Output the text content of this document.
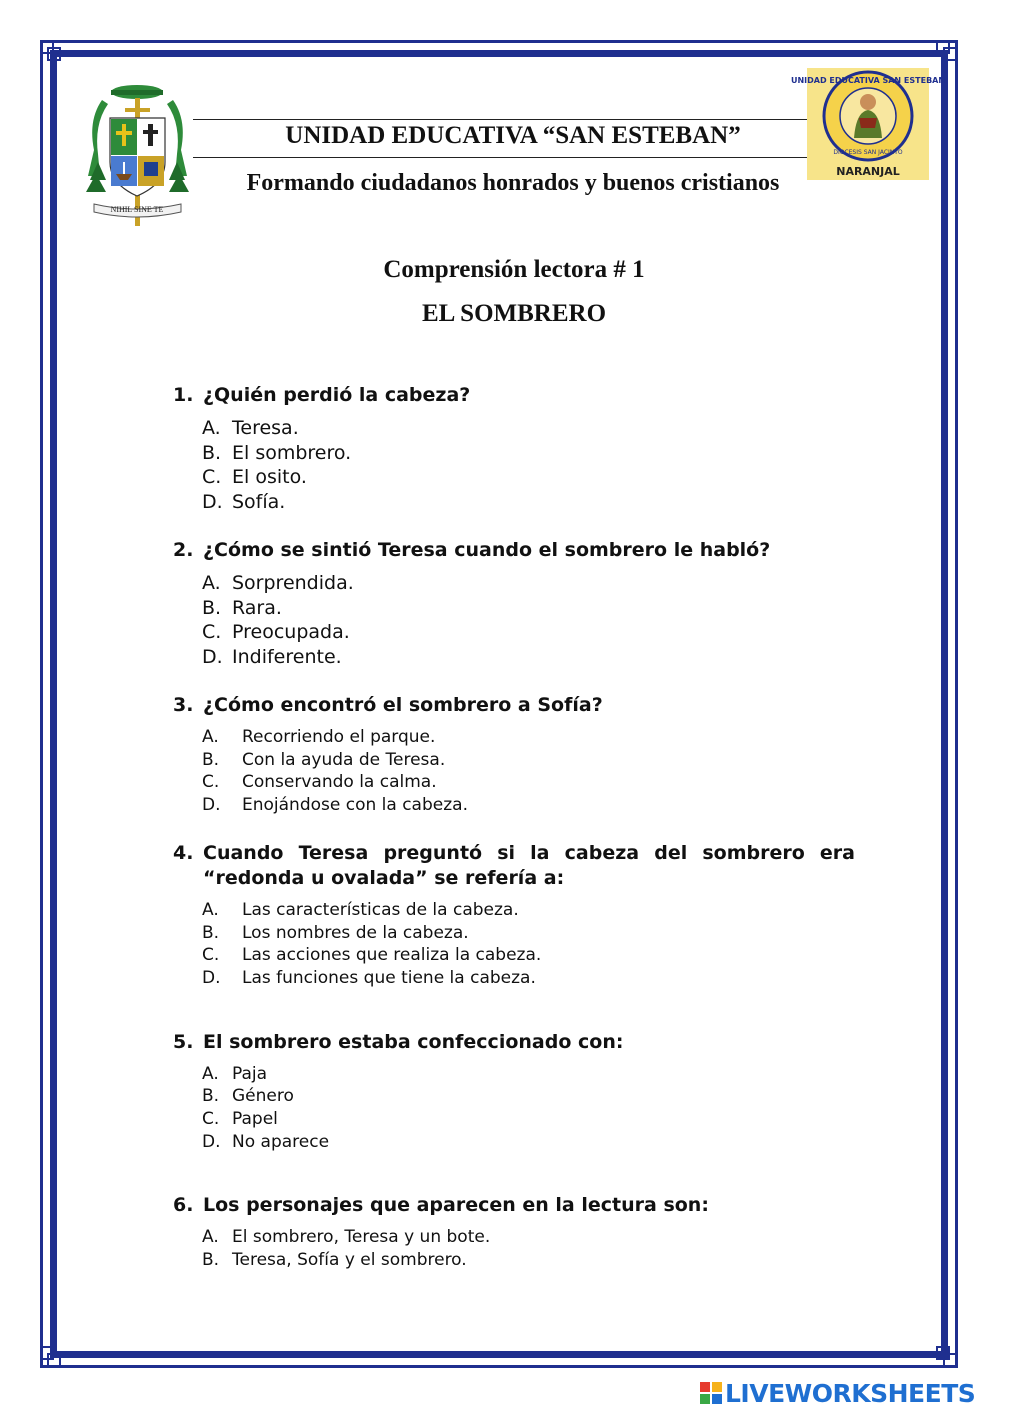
NIHIL SINE TE
UNIDAD EDUCATIVA SAN ESTEBAN
DIOCESIS SAN JACINTO
NARANJAL
UNIDAD EDUCATIVA “SAN ESTEBAN”
Formando ciudadanos honrados y buenos cristianos
Comprensión lectora # 1
EL SOMBRERO
1. ¿Quién perdió la cabeza?
A. Teresa.
B. El sombrero.
C. El osito.
D. Sofía.
2. ¿Cómo se sintió Teresa cuando el sombrero le habló?
A. Sorprendida.
B. Rara.
C. Preocupada.
D. Indiferente.
3. ¿Cómo encontró el sombrero a Sofía?
A.	Recorriendo el parque.
B.	Con la ayuda de Teresa.
C.	Conservando la calma.
D.	Enojándose con la cabeza.
4. Cuando Teresa preguntó si la cabeza del sombrero era “redonda u ovalada” se refería a:
A.	Las características de la cabeza.
B.	Los nombres de la cabeza.
C.	Las acciones que realiza la cabeza.
D.	Las funciones que tiene la cabeza.
5. El sombrero estaba confeccionado con:
A. Paja
B. Género
C. Papel
D. No aparece
6. Los personajes que aparecen en la lectura son:
A. El sombrero, Teresa y un bote.
B. Teresa, Sofía y el sombrero.
LIVEWORKSHEETS
